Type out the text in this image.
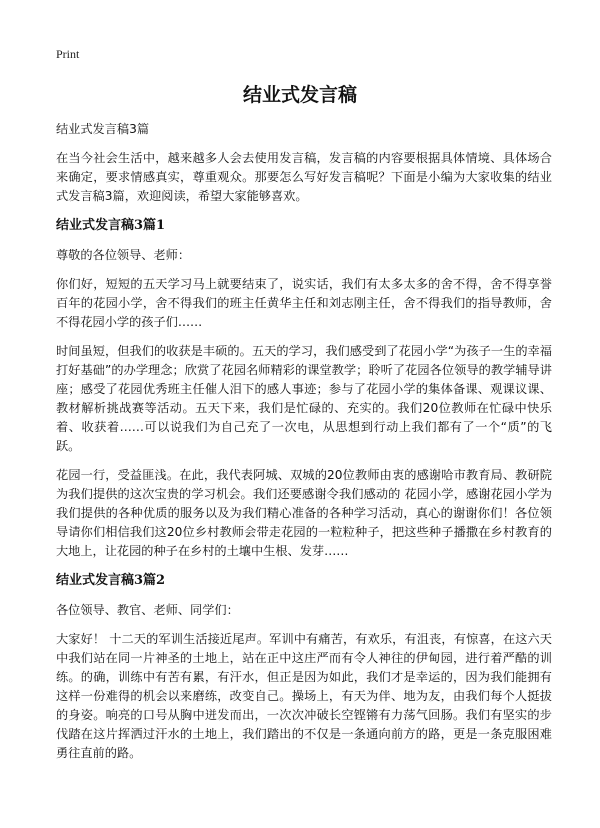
Print
结业式发言稿
结业式发言稿3篇
在当今社会生活中，越来越多人会去使用发言稿，发言稿的内容要根据具体情境、具体场合来确定，要求情感真实，尊重观众。那要怎么写好发言稿呢？下面是小编为大家收集的结业式发言稿3篇，欢迎阅读，希望大家能够喜欢。
结业式发言稿3篇1
尊敬的各位领导、老师：
你们好，短短的五天学习马上就要结束了，说实话，我们有太多太多的舍不得，舍不得享誉百年的花园小学，舍不得我们的班主任黄华主任和刘志刚主任，舍不得我们的指导教师，舍不得花园小学的孩子们……
时间虽短，但我们的收获是丰硕的。五天的学习，我们感受到了花园小学“为孩子一生的幸福打好基础”的办学理念；欣赏了花园名师精彩的课堂教学；聆听了花园各位领导的教学辅导讲座；感受了花园优秀班主任催人泪下的感人事迹；参与了花园小学的集体备课、观课议课、教材解析挑战赛等活动。五天下来，我们是忙碌的、充实的。我们20位教师在忙碌中快乐着、收获着……可以说我们为自己充了一次电，从思想到行动上我们都有了一个“质”的飞跃。
花园一行，受益匪浅。在此，我代表阿城、双城的20位教师由衷的感谢哈市教育局、教研院为我们提供的这次宝贵的学习机会。我们还要感谢令我们感动的 花园小学，感谢花园小学为我们提供的各种优质的服务以及为我们精心准备的各种学习活动，真心的谢谢你们！各位领导请你们相信我们这20位乡村教师会带走花园的一粒粒种子，把这些种子播撒在乡村教育的大地上，让花园的种子在乡村的土壤中生根、发芽……
结业式发言稿3篇2
各位领导、教官、老师、同学们：
大家好！ 十二天的军训生活接近尾声。军训中有痛苦，有欢乐，有沮丧，有惊喜，在这六天中我们站在同一片神圣的土地上，站在正中这庄严而有令人神往的伊甸园，进行着严酷的训练。的确，训练中有苦有累，有汗水，但正是因为如此，我们才是幸运的，因为我们能拥有这样一份难得的机会以来磨练，改变自己。操场上，有天为伴、地为友，由我们每个人挺拔的身姿。响亮的口号从胸中迸发而出，一次次冲破长空铿锵有力荡气回肠。我们有坚实的步伐踏在这片挥洒过汗水的土地上，我们踏出的不仅是一条通向前方的路，更是一条克服困难勇往直前的路。
